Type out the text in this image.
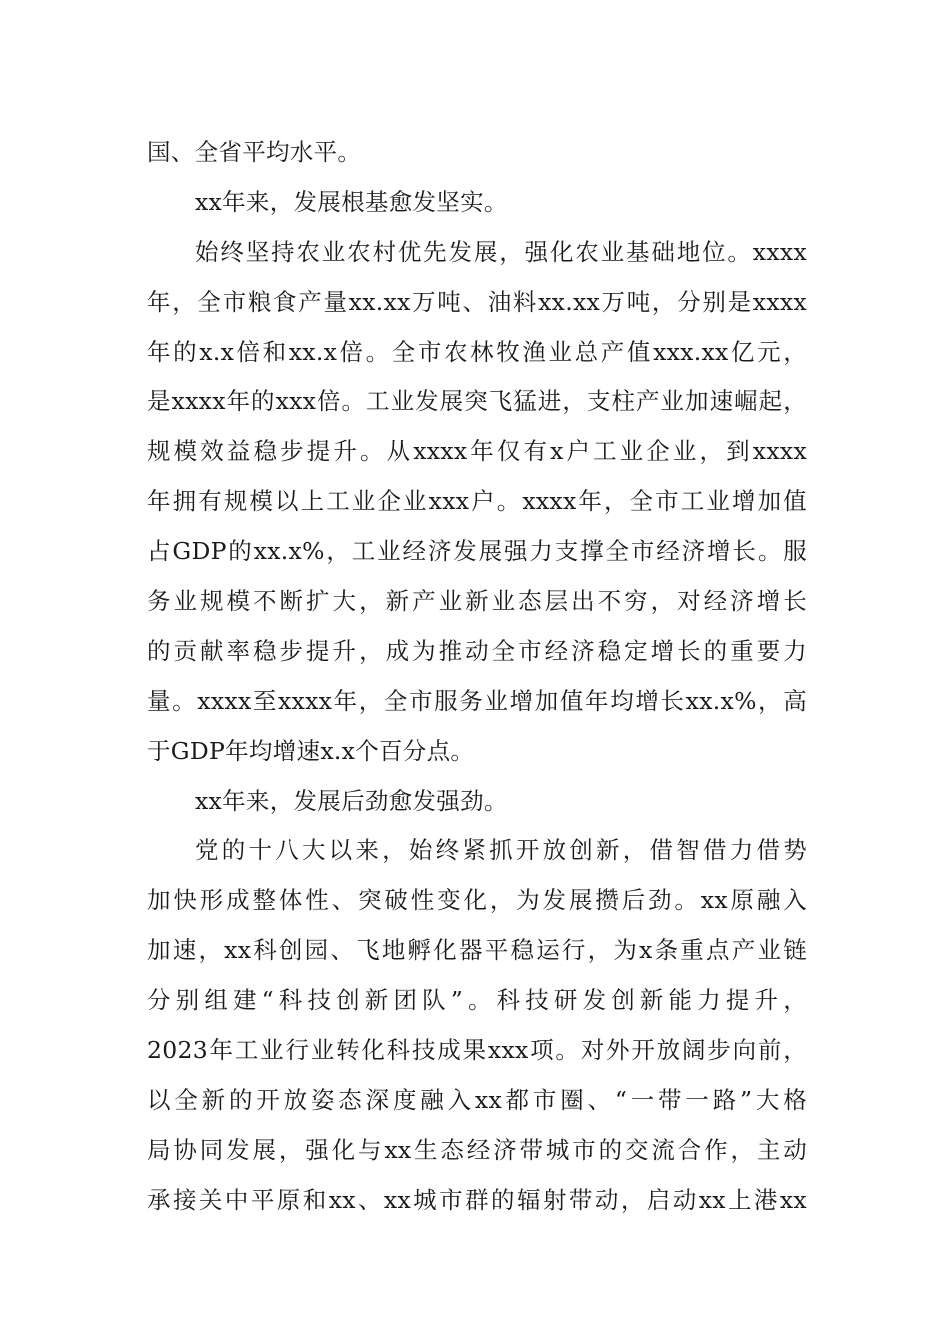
国、全省平均水平。
xx年来，发展根基愈发坚实。
始终坚持农业农村优先发展，强化农业基础地位。xxxx
年，全市粮食产量xx.xx万吨、油料xx.xx万吨，分别是xxxx
年的x.x倍和xx.x倍。全市农林牧渔业总产值xxx.xx亿元，
是xxxx年的xxx倍。工业发展突飞猛进，支柱产业加速崛起，
规模效益稳步提升。从xxxx年仅有x户工业企业，到xxxx
年拥有规模以上工业企业xxx户。xxxx年，全市工业增加值
占GDP的xx.x%，工业经济发展强力支撑全市经济增长。服
务业规模不断扩大，新产业新业态层出不穷，对经济增长
的贡献率稳步提升，成为推动全市经济稳定增长的重要力
量。xxxx至xxxx年，全市服务业增加值年均增长xx.x%，高
于GDP年均增速x.x个百分点。
xx年来，发展后劲愈发强劲。
党的十八大以来，始终紧抓开放创新，借智借力借势
加快形成整体性、突破性变化，为发展攒后劲。xx原融入
加速，xx科创园、飞地孵化器平稳运行，为x条重点产业链
分别组建“科技创新团队”。科技研发创新能力提升，
2023年工业行业转化科技成果xxx项。对外开放阔步向前，
以全新的开放姿态深度融入xx都市圈、“一带一路”大格
局协同发展，强化与xx生态经济带城市的交流合作，主动
承接关中平原和xx、xx城市群的辐射带动，启动xx上港xx
